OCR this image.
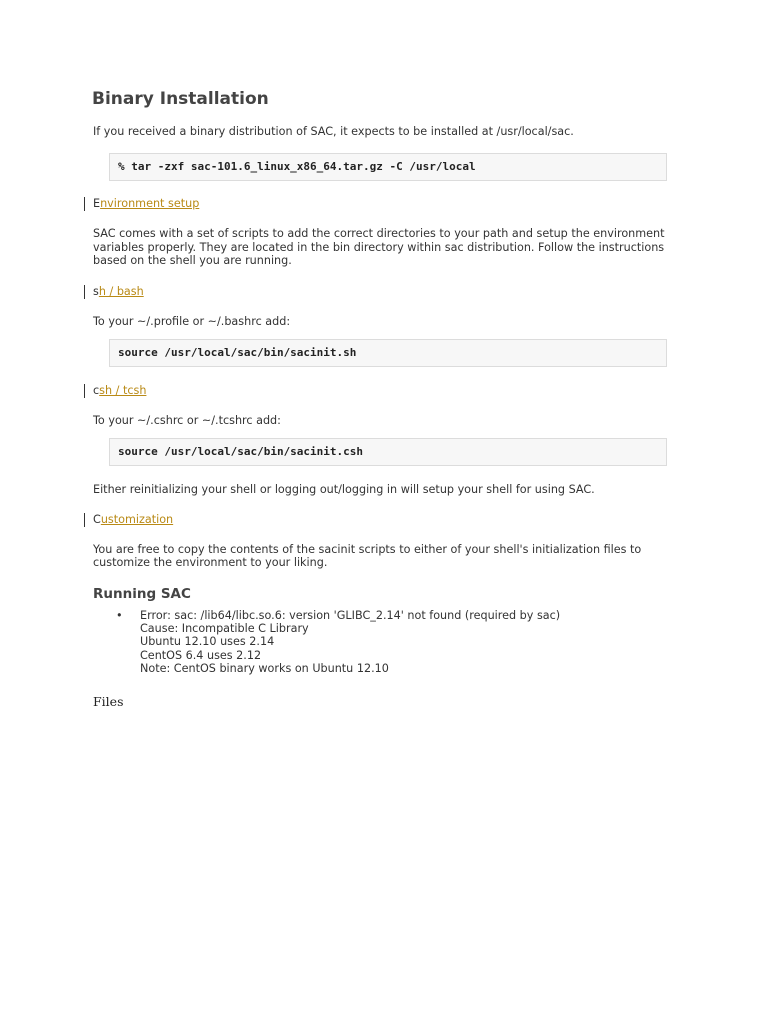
Binary Installation

If you received a binary distribution of SAC, it expects to be installed at /usr/local/sac.

% tar -zxf sac-101.6_linux_x86_64.tar.gz -C /usr/local
Environment setup

SAC comes with a set of scripts to add the correct directories to your path and setup the environment variables properly. They are located in the bin directory within sac distribution. Follow the instructions based on the shell you are running.

sh / bash

To your ~/.profile or ~/.bashrc add:

source /usr/local/sac/bin/sacinit.sh
csh / tcsh

To your ~/.cshrc or ~/.tcshrc add:

source /usr/local/sac/bin/sacinit.csh

Either reinitializing your shell or logging out/logging in will setup your shell for using SAC.

Customization

You are free to copy the contents of the sacinit scripts to either of your shell's initialization files to customize the environment to your liking.

Running SAC
• Error: sac: /lib64/libc.so.6: version 'GLIBC_2.14' not found (required by sac)
Cause: Incompatible C Library
Ubuntu 12.10 uses 2.14
CentOS 6.4 uses 2.12
Note: CentOS binary works on Ubuntu 12.10
Files
